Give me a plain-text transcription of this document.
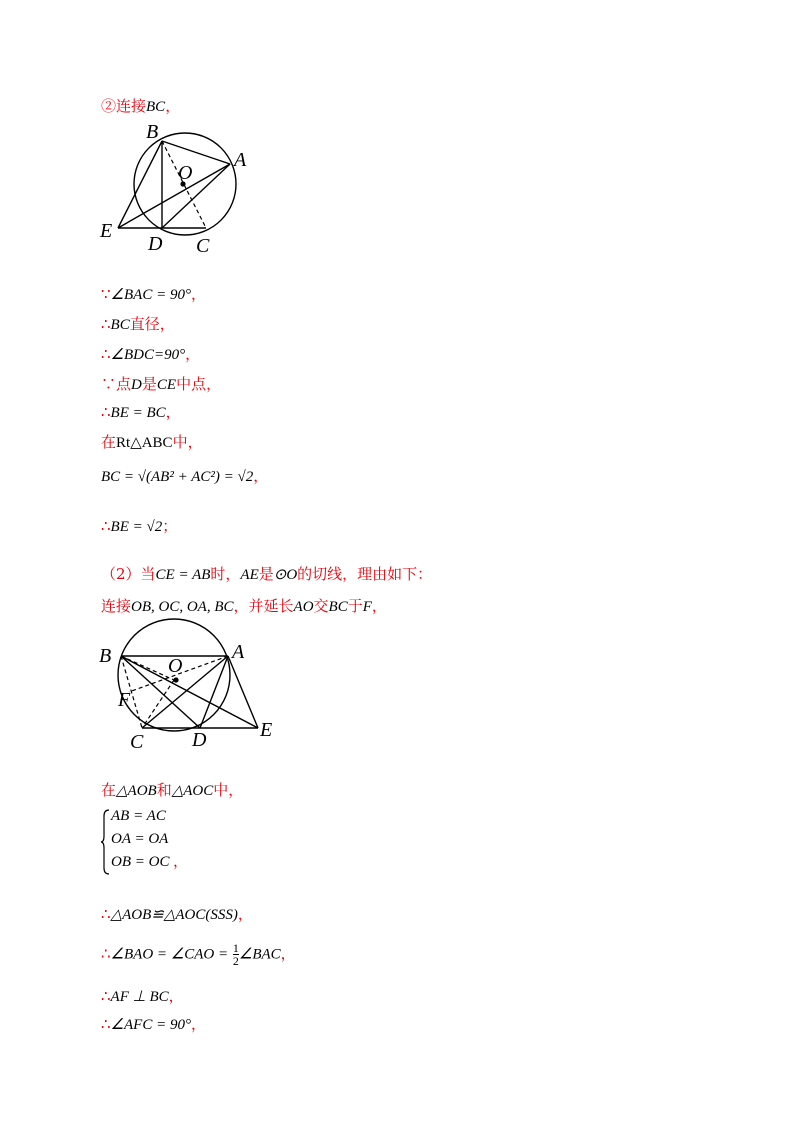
②连接BC，
B
A
O
E
D C
∵∠BAC = 90°，
∴BC直径，
∴∠BDC=90°，
∵点D是CE中点，
∴BE = BC，
在Rt△ABC中，
BC = √(AB² + AC²) = √2，
∴BE = √2；
（2）当CE = AB时，AE是⊙O的切线，理由如下：
连接OB, OC, OA, BC，并延长AO交BC于F，
B	A
O
F
C D	E
在△AOB和△AOC中，
AB = AC
OA = OA
OB = OC ，
∴△AOB≌△AOC(SSS)，
∴∠BAO = ∠CAO = $\frac{1}{2}$ ∠BAC，
∴AF ⊥ BC，
∴∠AFC = 90°，
